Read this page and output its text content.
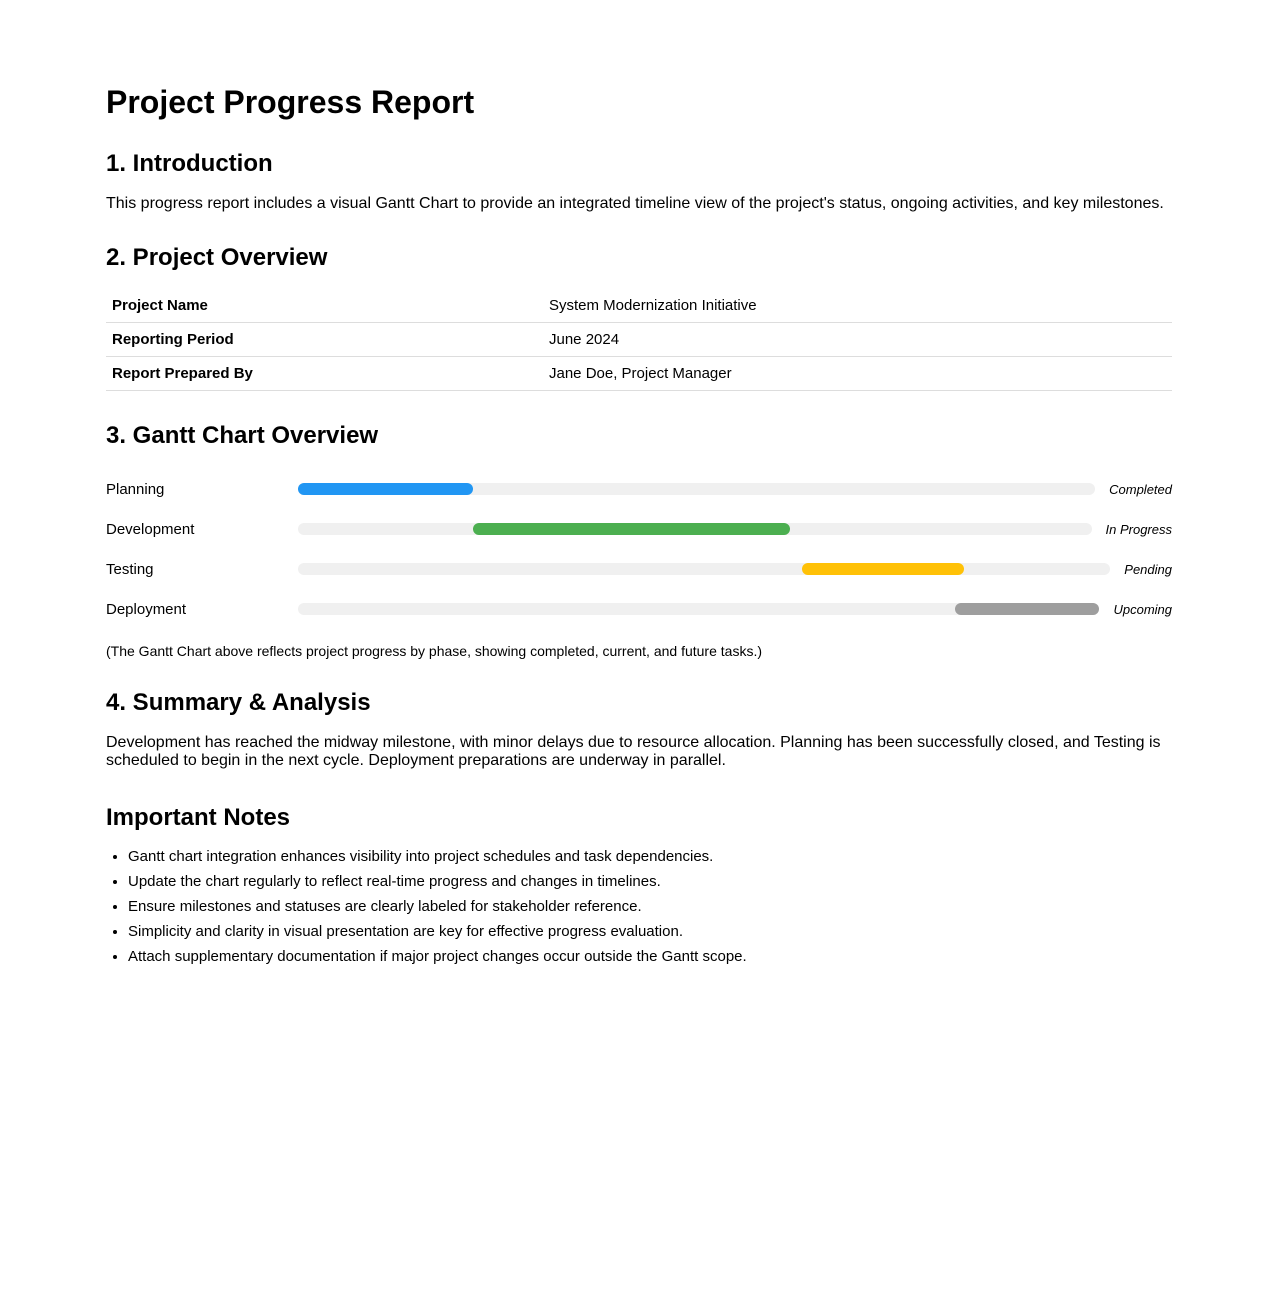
Project Progress Report
1. Introduction

This progress report includes a visual Gantt Chart to provide an integrated timeline view of the project's status, ongoing activities, and key milestones.

2. Project Overview
Project Name	System Modernization Initiative
Reporting Period	June 2024
Report Prepared By	Jane Doe, Project Manager
3. Gantt Chart Overview
Planning	Completed
Development	In Progress
Testing	Pending
Deployment	Upcoming

(The Gantt Chart above reflects project progress by phase, showing completed, current, and future tasks.)

4. Summary & Analysis

Development has reached the midway milestone, with minor delays due to resource allocation. Planning has been successfully closed, and Testing is scheduled to begin in the next cycle. Deployment preparations are underway in parallel.

Important Notes
• Gantt chart integration enhances visibility into project schedules and task dependencies.
• Update the chart regularly to reflect real-time progress and changes in timelines.
• Ensure milestones and statuses are clearly labeled for stakeholder reference.
• Simplicity and clarity in visual presentation are key for effective progress evaluation.
• Attach supplementary documentation if major project changes occur outside the Gantt scope.
